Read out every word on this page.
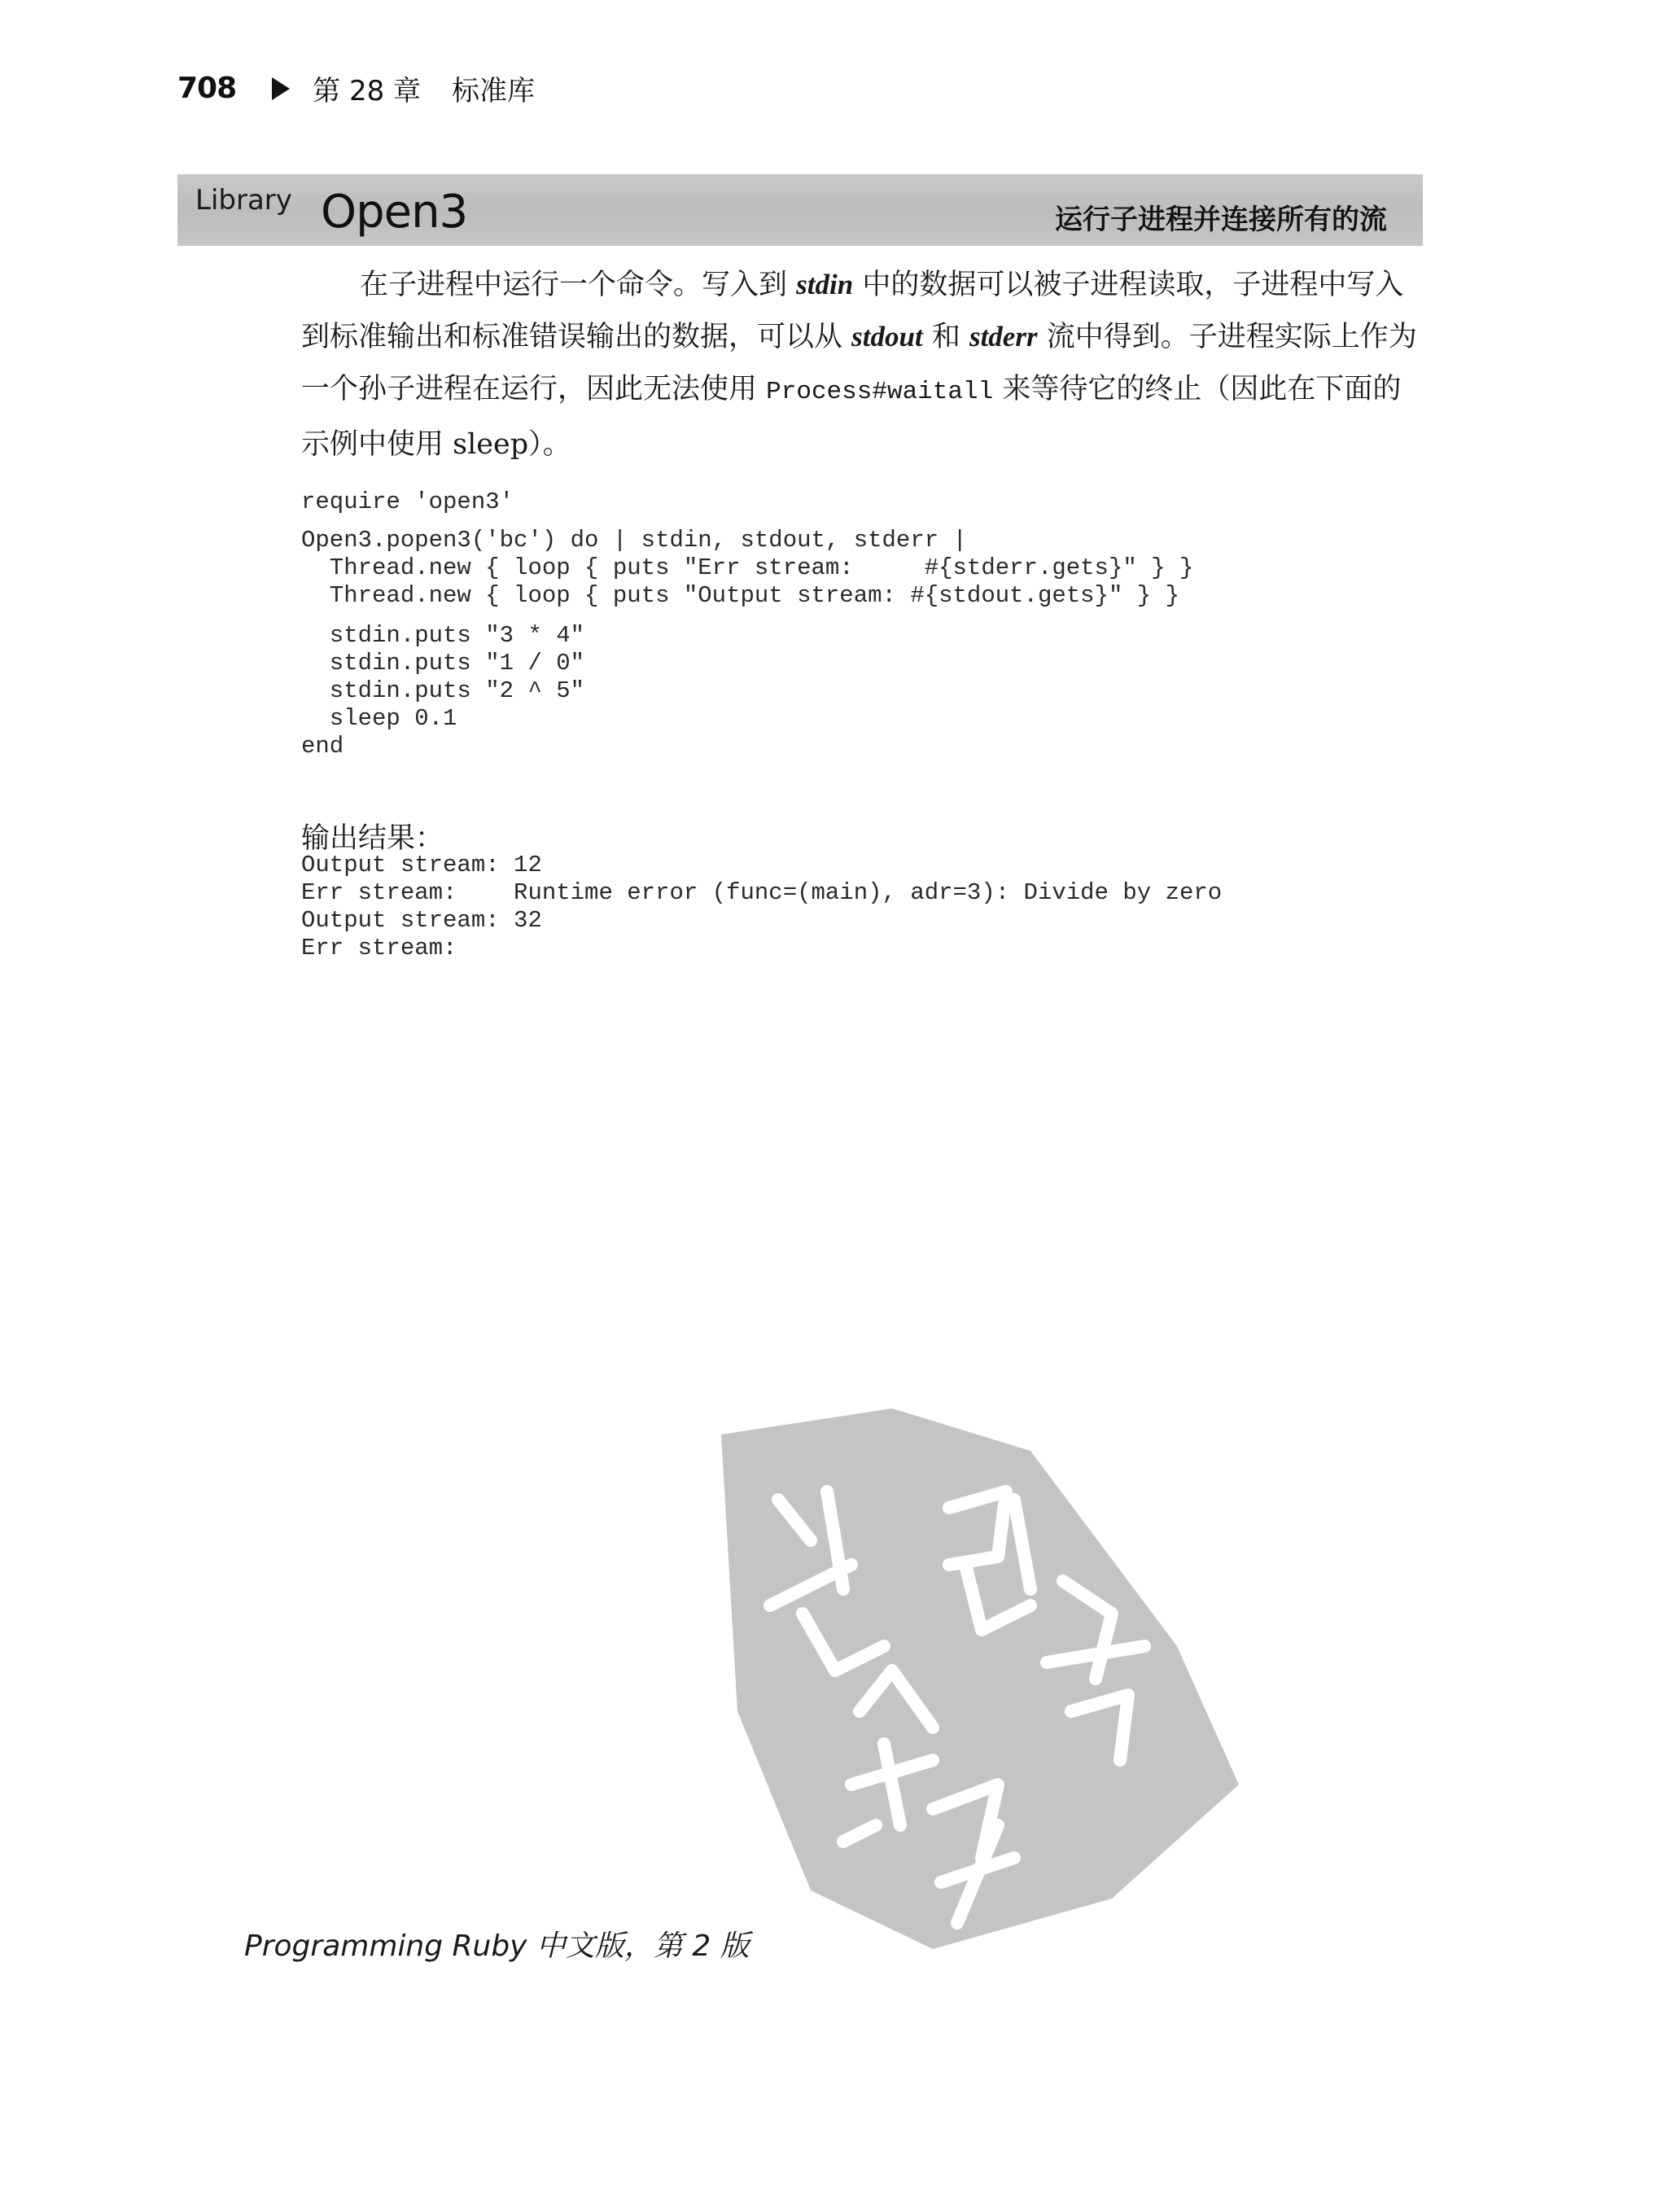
708	第 28 章 标准库
Library Open3	运行子进程并连接所有的流

在子进程中运行一个命令。写入到 stdin 中的数据可以被子进程读取，子进程中写入到标准输出和标准错误输出的数据，可以从 stdout 和 stderr 流中得到。子进程实际上作为一个孙子进程在运行，因此无法使用 Process#waitall 来等待它的终止（因此在下面的示例中使用 sleep）。

require 'open3'
Open3.popen3('bc') do | stdin, stdout, stderr |
Thread.new { loop { puts "Err stream:     #{stderr.gets}" } }
Thread.new { loop { puts "Output stream: #{stdout.gets}" } }
stdin.puts "3 * 4"
stdin.puts "1 / 0"
stdin.puts "2 ^ 5"
sleep 0.1
end
输出结果：
Output stream: 12
Err stream:    Runtime error (func=(main), adr=3): Divide by zero
Output stream: 32
Err stream:
Programming Ruby 中文版，第 2 版
